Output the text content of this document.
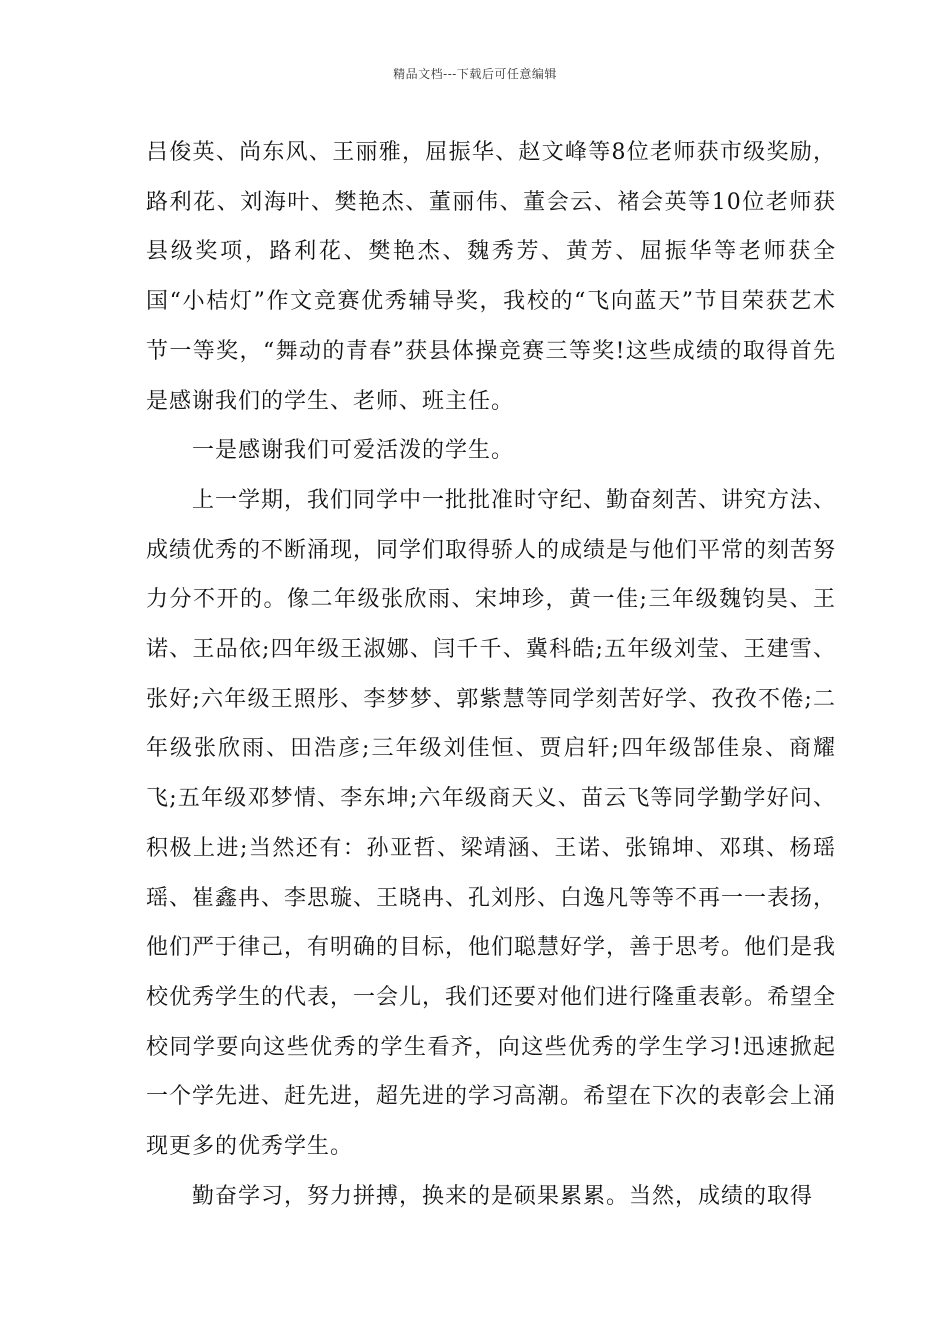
精品文档---下载后可任意编辑

吕俊英、尚东风、王丽雅，屈振华、赵文峰等8位老师获市级奖励，路利花、刘海叶、樊艳杰、董丽伟、董会云、褚会英等10位老师获县级奖项，路利花、樊艳杰、魏秀芳、黄芳、屈振华等老师获全国“小桔灯”作文竞赛优秀辅导奖，我校的“飞向蓝天”节目荣获艺术节一等奖，“舞动的青春”获县体操竞赛三等奖!这些成绩的取得首先是感谢我们的学生、老师、班主任。

　　一是感谢我们可爱活泼的学生。

　　上一学期，我们同学中一批批准时守纪、勤奋刻苦、讲究方法、成绩优秀的不断涌现，同学们取得骄人的成绩是与他们平常的刻苦努力分不开的。像二年级张欣雨、宋坤珍，黄一佳;三年级魏钧昊、王诺、王品依;四年级王淑娜、闫千千、冀科皓;五年级刘莹、王建雪、张好;六年级王照彤、李梦梦、郭紫慧等同学刻苦好学、孜孜不倦;二年级张欣雨、田浩彦;三年级刘佳恒、贾启轩;四年级郜佳泉、商耀飞;五年级邓梦情、李东坤;六年级商天义、苗云飞等同学勤学好问、积极上进;当然还有：孙亚哲、梁靖涵、王诺、张锦坤、邓琪、杨瑶瑶、崔鑫冉、李思璇、王晓冉、孔刘彤、白逸凡等等不再一一表扬，他们严于律己，有明确的目标，他们聪慧好学，善于思考。他们是我校优秀学生的代表，一会儿，我们还要对他们进行隆重表彰。希望全校同学要向这些优秀的学生看齐，向这些优秀的学生学习!迅速掀起一个学先进、赶先进，超先进的学习高潮。希望在下次的表彰会上涌现更多的优秀学生。

　　勤奋学习，努力拼搏，换来的是硕果累累。当然，成绩的取得
